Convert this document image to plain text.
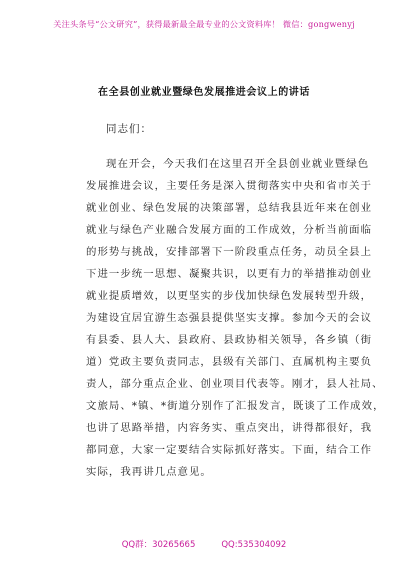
关注头条号“公文研究”，获得最新最全最专业的公文资料库！ 微信：gongwenyj
在全县创业就业暨绿色发展推进会议上的讲话
同志们：
现在开会，今天我们在这里召开全县创业就业暨绿色
发展推进会议，主要任务是深入贯彻落实中央和省市关于
就业创业、绿色发展的决策部署，总结我县近年来在创业
就业与绿色产业融合发展方面的工作成效，分析当前面临
的形势与挑战，安排部署下一阶段重点任务，动员全县上
下进一步统一思想、凝聚共识，以更有力的举措推动创业
就业提质增效，以更坚实的步伐加快绿色发展转型升级，
为建设宜居宜游生态强县提供坚实支撑。参加今天的会议
有县委、县人大、县政府、县政协相关领导，各乡镇（街
道）党政主要负责同志，县级有关部门、直属机构主要负
责人，部分重点企业、创业项目代表等。刚才，县人社局、
文旅局、*镇、*街道分别作了汇报发言，既谈了工作成效，
也讲了思路举措，内容务实、重点突出，讲得都很好，我
都同意，大家一定要结合实际抓好落实。下面，结合工作
实际，我再讲几点意见。
QQ群：30265665	QQ:535304092
